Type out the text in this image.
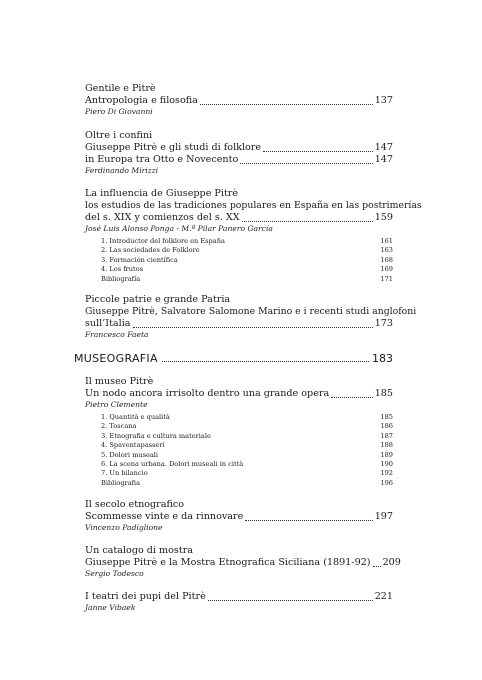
Gentile e Pitrè
Antropologia e filosofia	137
Piero Di Giovanni
Oltre i confini
Giuseppe Pitrè e gli studi di folklore	147
in Europa tra Otto e Novecento	147
Ferdinando Mirizzi
La influencia de Giuseppe Pitrè
los estudios de las tradiciones populares en España en las postrimerías
del s. XIX y comienzos del s. XX	159
José Luis Alonso Ponga - M.ª Pilar Panero García
1. Introductor del folklore en España	161
2. Las sociedades de Folklore	163
3. Formación científica	168
4. Los frutos	169
Bibliografía	171
Piccole patrie e grande Patria
Giuseppe Pitrè, Salvatore Salomone Marino e i recenti studi anglofoni
sull’Italia	173
Francesco Faeta
MUSEOGRAFIA	183
Il museo Pitrè
Un nodo ancora irrisolto dentro una grande opera	185
Pietro Clemente
1. Quantità e qualità	185
2. Toscana	186
3. Etnografia e cultura materiale	187
4. Spaventapasseri	188
5. Dolori museali	189
6. La scena urbana. Dolori museali in città	190
7. Un bilancio	192
Bibliografia	196
Il secolo etnografico
Scommesse vinte e da rinnovare	197
Vincenzo Padiglione
Un catalogo di mostra
Giuseppe Pitrè e la Mostra Etnografica Siciliana (1891-92) 209
Sergio Todesco
I teatri dei pupi del Pitrè	221
Janne Vibaek
